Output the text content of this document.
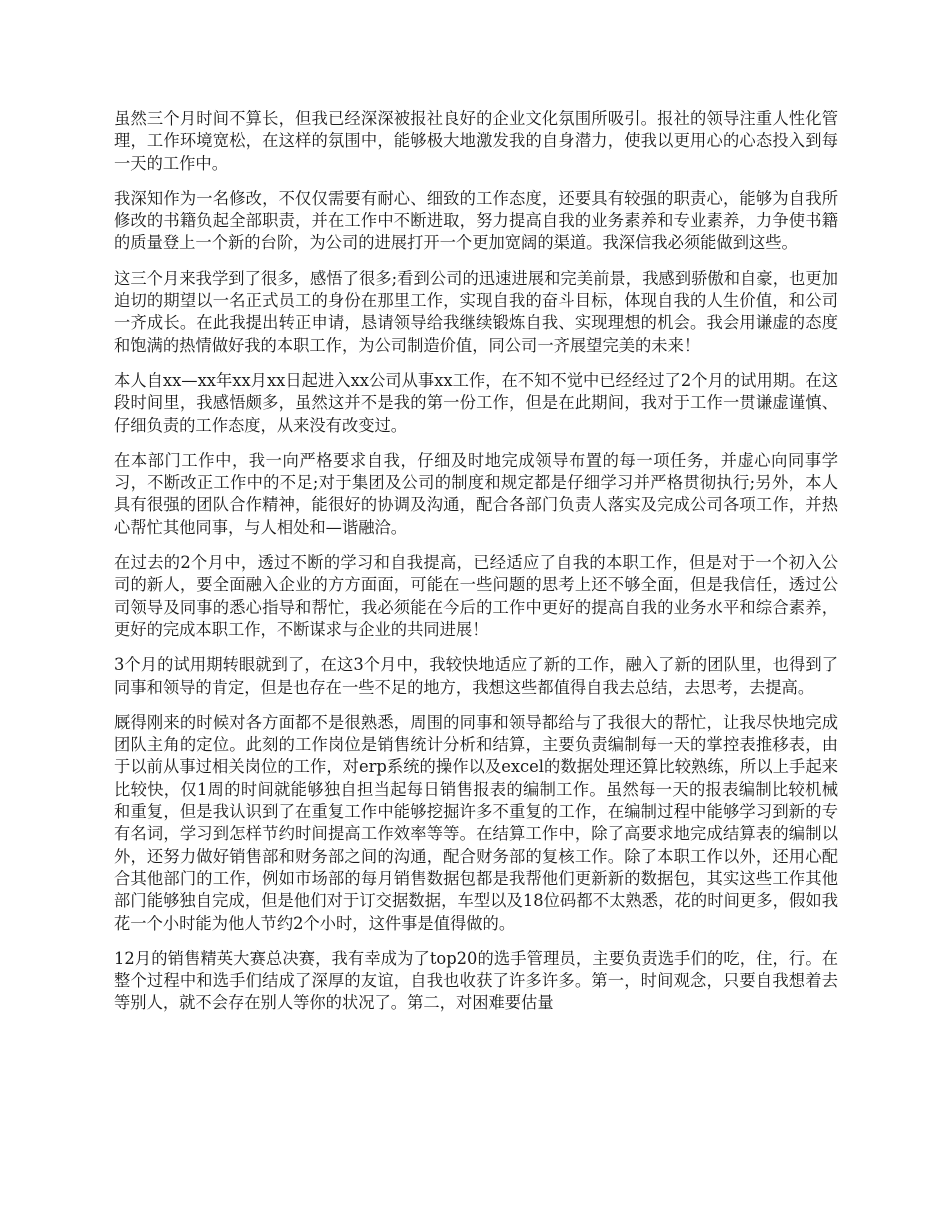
虽然三个月时间不算长，但我已经深深被报社良好的企业文化氛围所吸引。报社的领导注重人性化管理，工作环境宽松，在这样的氛围中，能够极大地激发我的自身潜力，使我以更用心的心态投入到每一天的工作中。

我深知作为一名修改，不仅仅需要有耐心、细致的工作态度，还要具有较强的职责心，能够为自我所修改的书籍负起全部职责，并在工作中不断进取，努力提高自我的业务素养和专业素养，力争使书籍的质量登上一个新的台阶，为公司的进展打开一个更加宽阔的渠道。我深信我必须能做到这些。

这三个月来我学到了很多，感悟了很多;看到公司的迅速进展和完美前景，我感到骄傲和自豪，也更加迫切的期望以一名正式员工的身份在那里工作，实现自我的奋斗目标，体现自我的人生价值，和公司一齐成长。在此我提出转正申请，恳请领导给我继续锻炼自我、实现理想的机会。我会用谦虚的态度和饱满的热情做好我的本职工作，为公司制造价值，同公司一齐展望完美的未来！

本人自xx—xx年xx月xx日起进入xx公司从事xx工作，在不知不觉中已经经过了2个月的试用期。在这段时间里，我感悟颇多，虽然这并不是我的第一份工作，但是在此期间，我对于工作一贯谦虚谨慎、仔细负责的工作态度，从来没有改变过。

在本部门工作中，我一向严格要求自我，仔细及时地完成领导布置的每一项任务，并虚心向同事学习，不断改正工作中的不足;对于集团及公司的制度和规定都是仔细学习并严格贯彻执行;另外，本人具有很强的团队合作精神，能很好的协调及沟通，配合各部门负责人落实及完成公司各项工作，并热心帮忙其他同事，与人相处和—谐融洽。

在过去的2个月中，透过不断的学习和自我提高，已经适应了自我的本职工作，但是对于一个初入公司的新人，要全面融入企业的方方面面，可能在一些问题的思考上还不够全面，但是我信任，透过公司领导及同事的悉心指导和帮忙，我必须能在今后的工作中更好的提高自我的业务水平和综合素养，更好的完成本职工作，不断谋求与企业的共同进展！

3个月的试用期转眼就到了，在这3个月中，我较快地适应了新的工作，融入了新的团队里，也得到了同事和领导的肯定，但是也存在一些不足的地方，我想这些都值得自我去总结，去思考，去提高。

厩得刚来的时候对各方面都不是很熟悉，周围的同事和领导都给与了我很大的帮忙，让我尽快地完成团队主角的定位。此刻的工作岗位是销售统计分析和结算，主要负责编制每一天的掌控表推移表，由于以前从事过相关岗位的工作，对erp系统的操作以及excel的数据处理还算比较熟练，所以上手起来比较快，仅1周的时间就能够独自担当起每日销售报表的编制工作。虽然每一天的报表编制比较机械和重复，但是我认识到了在重复工作中能够挖掘许多不重复的工作，在编制过程中能够学习到新的专有名词，学习到怎样节约时间提高工作效率等等。在结算工作中，除了高要求地完成结算表的编制以外，还努力做好销售部和财务部之间的沟通，配合财务部的复核工作。除了本职工作以外，还用心配合其他部门的工作，例如市场部的每月销售数据包都是我帮他们更新新的数据包，其实这些工作其他部门能够独自完成，但是他们对于订交据数据，车型以及18位码都不太熟悉，花的时间更多，假如我花一个小时能为他人节约2个小时，这件事是值得做的。

12月的销售精英大赛总决赛，我有幸成为了top20的选手管理员，主要负责选手们的吃，住，行。在整个过程中和选手们结成了深厚的友谊，自我也收获了许多许多。第一，时间观念，只要自我想着去等别人，就不会存在别人等你的状况了。第二，对困难要估量
